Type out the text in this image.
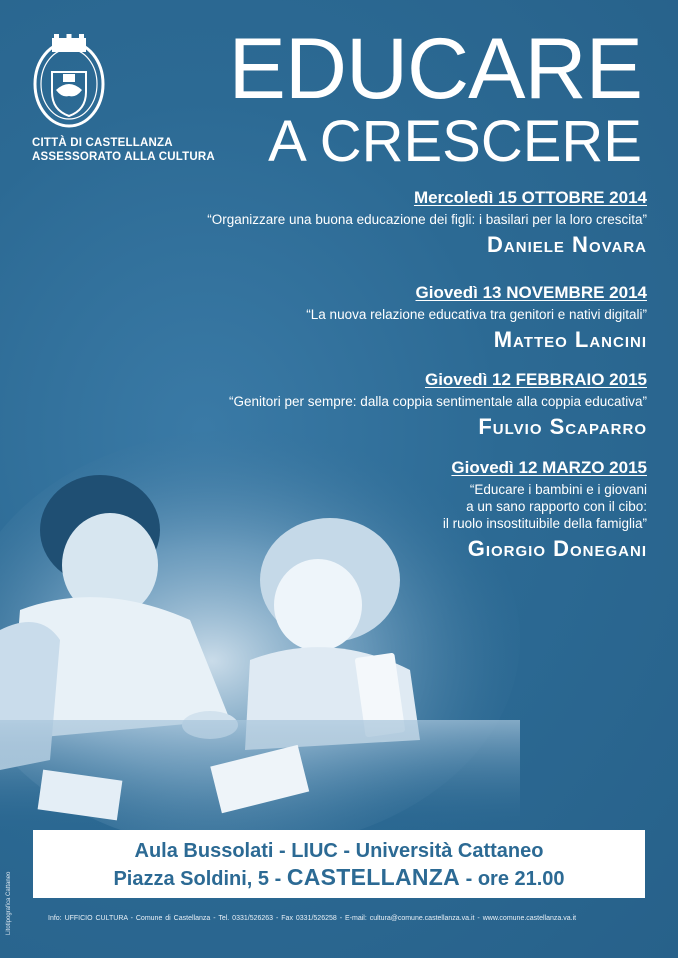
CITTÀ DI CASTELLANZA
ASSESSORATO ALLA CULTURA
EDUCARE
A CRESCERE
Mercoledì 15 OTTOBRE 2014
“Organizzare una buona educazione dei figli: i basilari per la loro crescita”
Daniele Novara
Giovedì 13 NOVEMBRE 2014
“La nuova relazione educativa tra genitori e nativi digitali”
Matteo Lancini
Giovedì 12 FEBBRAIO 2015
“Genitori per sempre: dalla coppia sentimentale alla coppia educativa”
Fulvio Scaparro
Giovedì 12 MARZO 2015
“Educare i bambini e i giovani
a un sano rapporto con il cibo:
il ruolo insostituibile della famiglia”
Giorgio Donegani
Aula Bussolati - LIUC - Università Cattaneo
Piazza Soldini, 5 - CASTELLANZA - ore 21.00
Litotipografica Cattaneo	Info: UFFICIO CULTURA - Comune di Castellanza - Tel. 0331/526263 - Fax 0331/526258 - E-mail: cultura@comune.castellanza.va.it - www.comune.castellanza.va.it
